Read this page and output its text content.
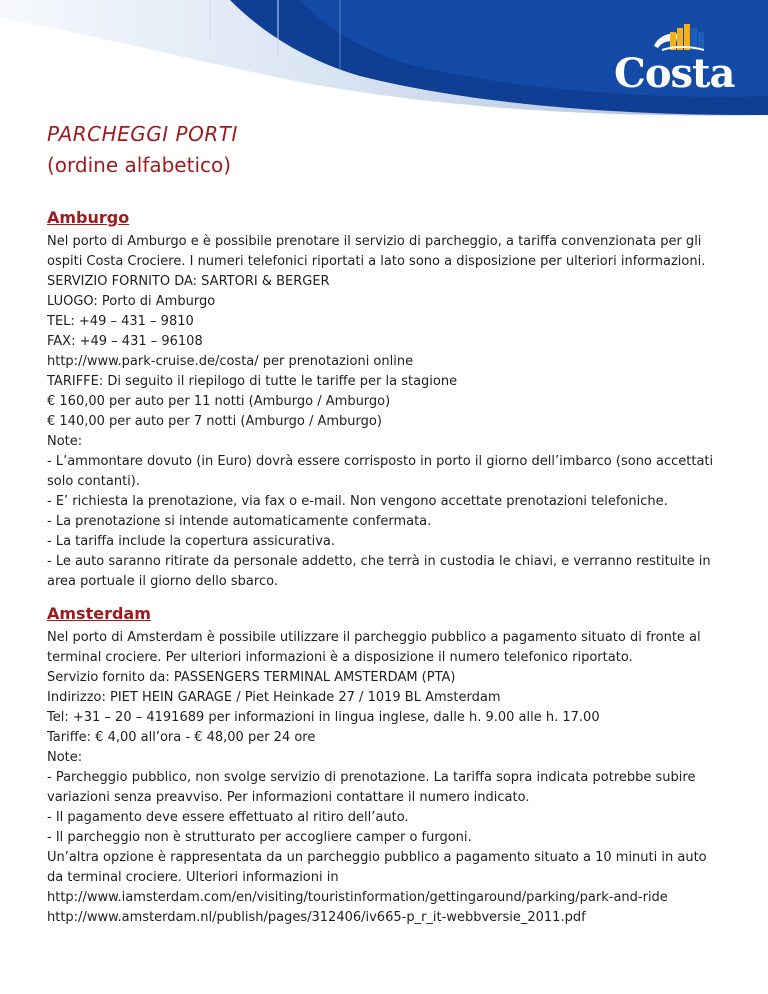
Costa

PARCHEGGI PORTI

(ordine alfabetico)

Amburgo

Nel porto di Amburgo e è possibile prenotare il servizio di parcheggio, a tariffa convenzionata per gli

ospiti Costa Crociere. I numeri telefonici riportati a lato sono a disposizione per ulteriori informazioni.

SERVIZIO FORNITO DA: SARTORI & BERGER

LUOGO: Porto di Amburgo

TEL: +49 – 431 – 9810

FAX: +49 – 431 – 96108

http://www.park-cruise.de/costa/ per prenotazioni online

TARIFFE: Di seguito il riepilogo di tutte le tariffe per la stagione

€ 160,00 per auto per 11 notti (Amburgo / Amburgo)

€ 140,00 per auto per 7 notti (Amburgo / Amburgo)

Note:

- L’ammontare dovuto (in Euro) dovrà essere corrisposto in porto il giorno dell’imbarco (sono accettati

solo contanti).

- E’ richiesta la prenotazione, via fax o e-mail. Non vengono accettate prenotazioni telefoniche.

- La prenotazione si intende automaticamente confermata.

- La tariffa include la copertura assicurativa.

- Le auto saranno ritirate da personale addetto, che terrà in custodia le chiavi, e verranno restituite in

area portuale il giorno dello sbarco.

Amsterdam

Nel porto di Amsterdam è possibile utilizzare il parcheggio pubblico a pagamento situato di fronte al

terminal crociere. Per ulteriori informazioni è a disposizione il numero telefonico riportato.

Servizio fornito da: PASSENGERS TERMINAL AMSTERDAM (PTA)

Indirizzo: PIET HEIN GARAGE / Piet Heinkade 27 / 1019 BL Amsterdam

Tel: +31 – 20 – 4191689 per informazioni in lingua inglese, dalle h. 9.00 alle h. 17.00

Tariffe: € 4,00 all’ora - € 48,00 per 24 ore

Note:

- Parcheggio pubblico, non svolge servizio di prenotazione. La tariffa sopra indicata potrebbe subire

variazioni senza preavviso. Per informazioni contattare il numero indicato.

- Il pagamento deve essere effettuato al ritiro dell’auto.

- Il parcheggio non è strutturato per accogliere camper o furgoni.

Un’altra opzione è rappresentata da un parcheggio pubblico a pagamento situato a 10 minuti in auto

da terminal crociere. Ulteriori informazioni in

http://www.iamsterdam.com/en/visiting/touristinformation/gettingaround/parking/park-and-ride

http://www.amsterdam.nl/publish/pages/312406/iv665-p_r_it-webbversie_2011.pdf
